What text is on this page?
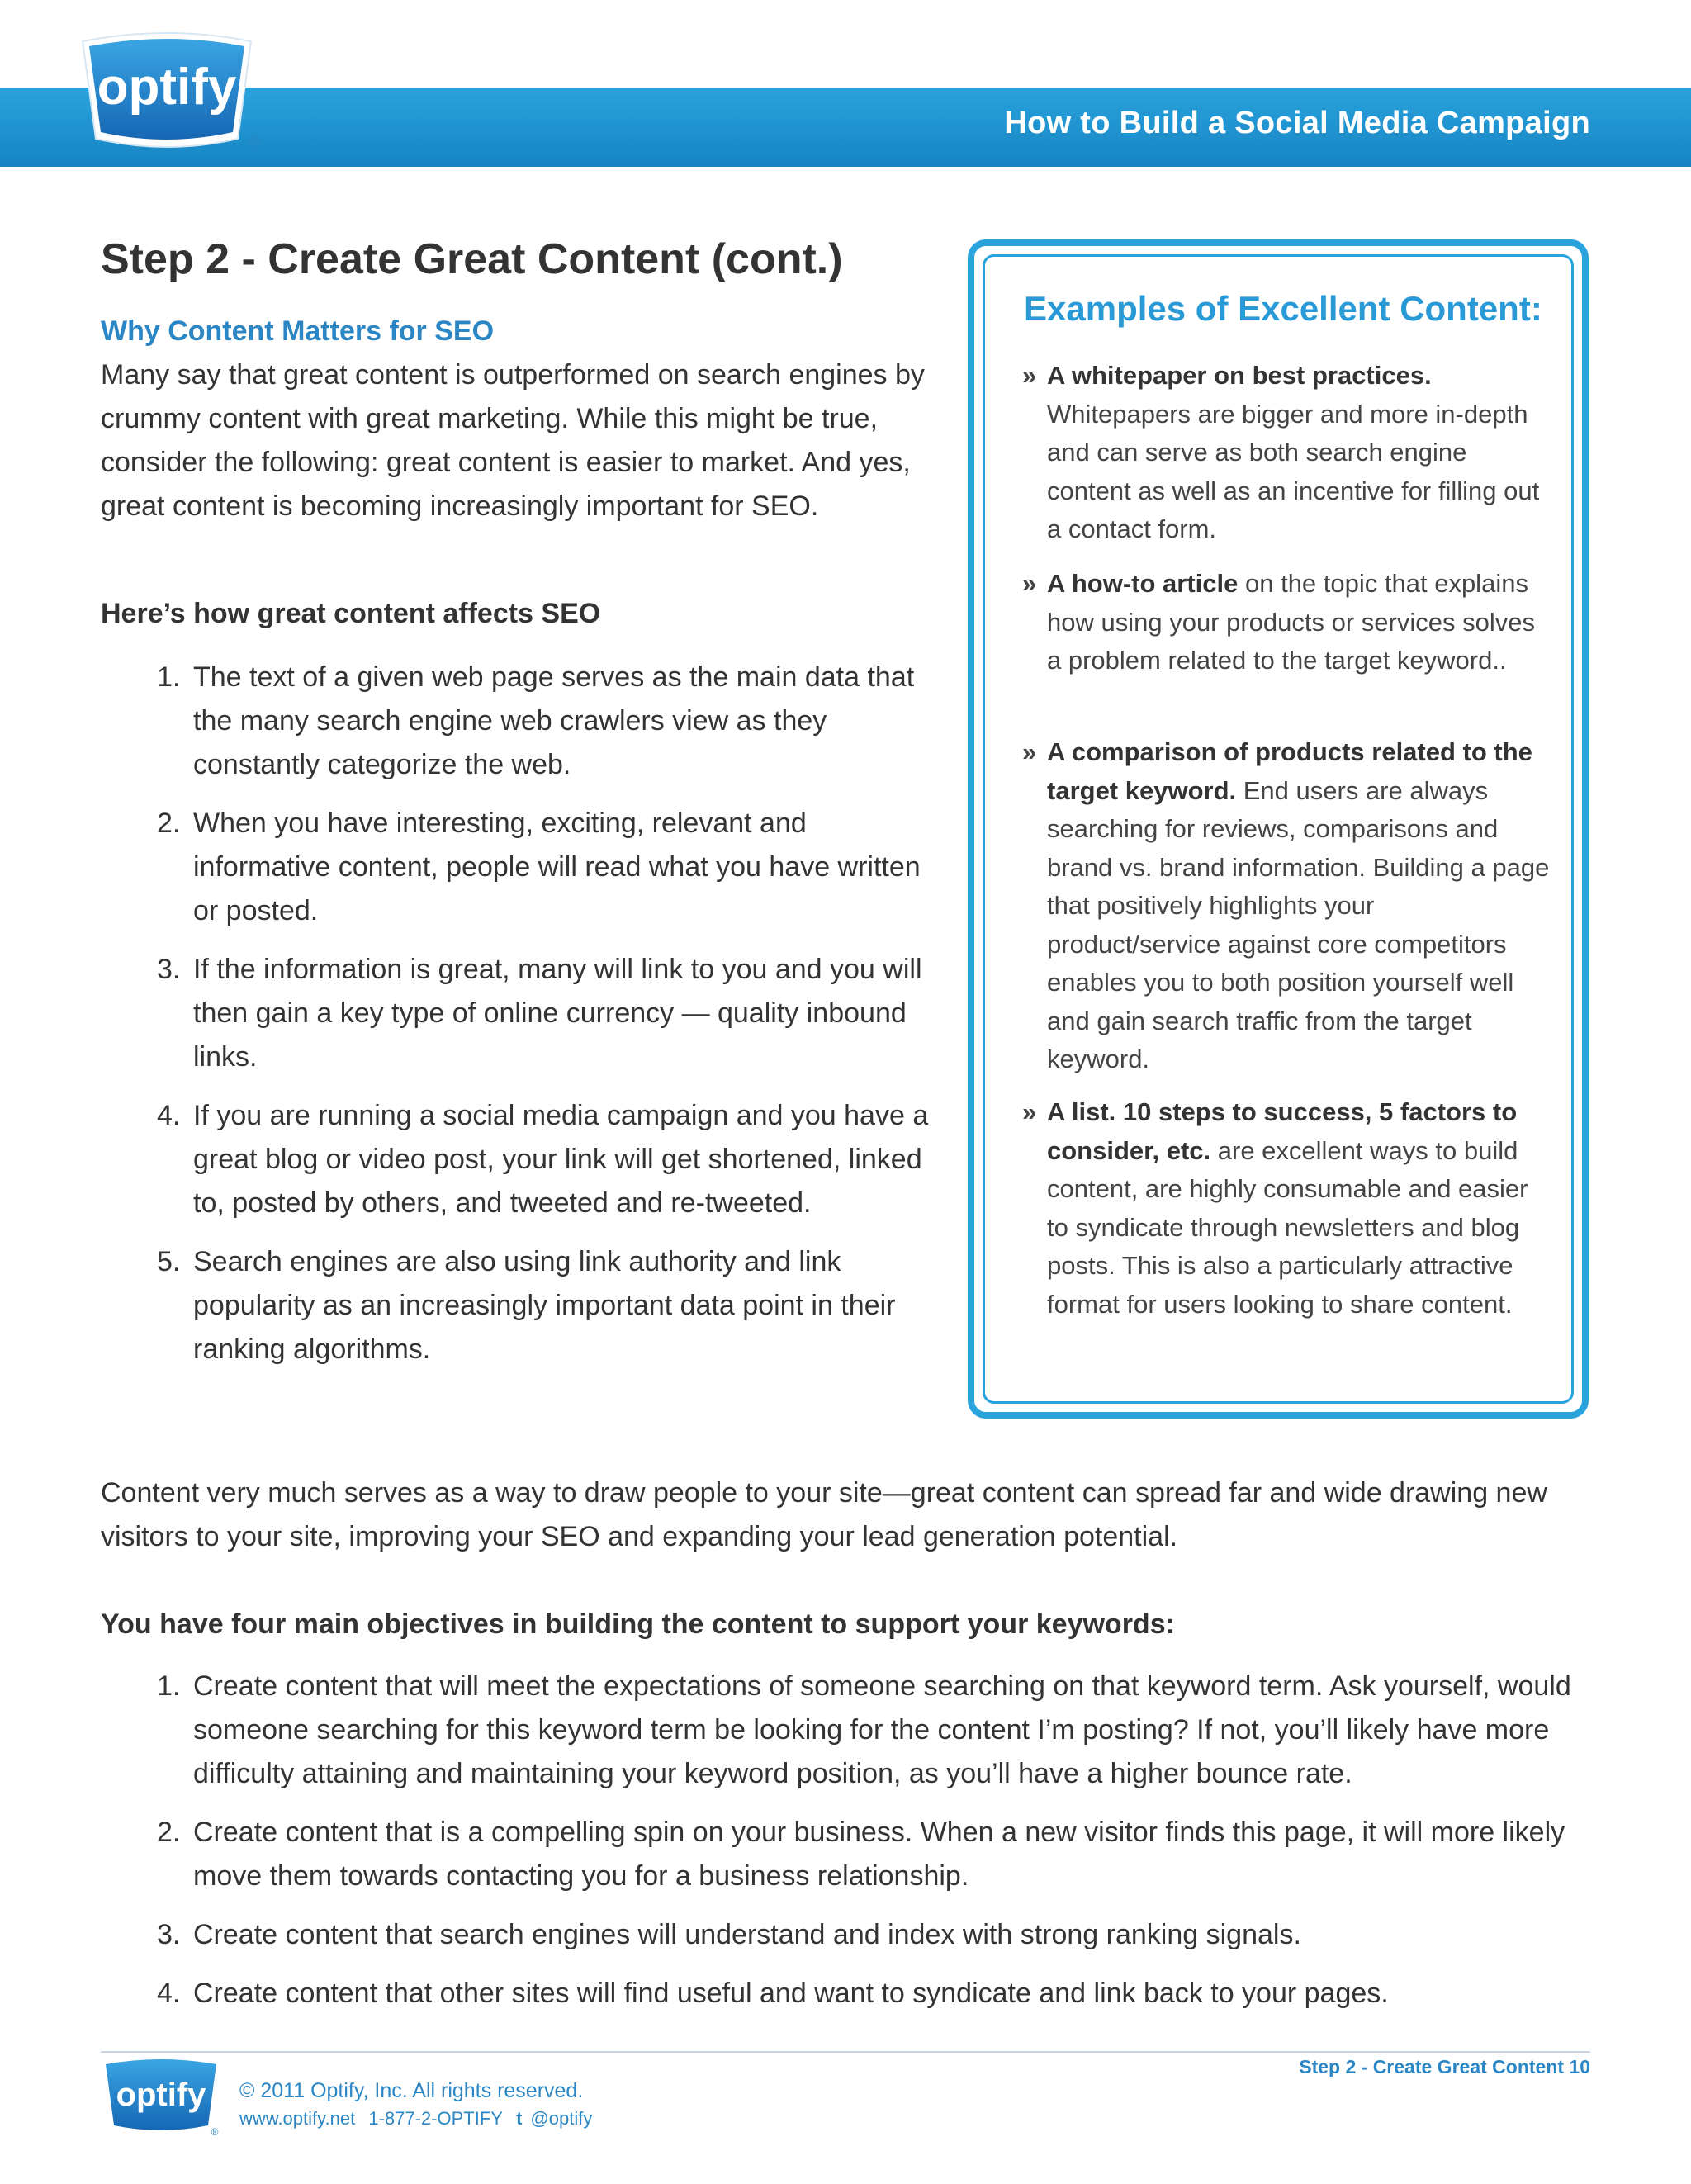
How to Build a Social Media Campaign
optify
®
Step 2 - Create Great Content (cont.)
Why Content Matters for SEO
Many say that great content is outperformed on search engines by crummy content with great marketing. While this might be true, consider the following: great content is easier to market. And yes, great content is becoming increasingly important for SEO.
Here’s how great content affects SEO
1. The text of a given web page serves as the main data that the many search engine web crawlers view as they constantly categorize the web.
2. When you have interesting, exciting, relevant and informative content, people will read what you have written or posted.
3. If the information is great, many will link to you and you will then gain a key type of online currency — quality inbound links.
4. If you are running a social media campaign and you have a great blog or video post, your link will get shortened, linked to, posted by others, and tweeted and re-tweeted.
5. Search engines are also using link authority and link popularity as an increasingly important data point in their ranking algorithms.
Examples of Excellent Content:
» A whitepaper on best practices. Whitepapers are bigger and more in-depth and can serve as both search engine content as well as an incentive for filling out a contact form.
» A how-to article on the topic that explains how using your products or services solves a problem related to the target keyword..
» A comparison of products related to the target keyword. End users are always searching for reviews, comparisons and brand vs. brand information. Building a page that positively highlights your product/service against core competitors enables you to both position yourself well and gain search traffic from the target keyword.
» A list. 10 steps to success, 5 factors to consider, etc. are excellent ways to build content, are highly consumable and easier to syndicate through newsletters and blog posts. This is also a particularly attractive format for users looking to share content.
Content very much serves as a way to draw people to your site—great content can spread far and wide drawing new visitors to your site, improving your SEO and expanding your lead generation potential.
You have four main objectives in building the content to support your keywords:
1. Create content that will meet the expectations of someone searching on that keyword term. Ask yourself, would someone searching for this keyword term be looking for the content I’m posting? If not, you’ll likely have more difficulty attaining and maintaining your keyword position, as you’ll have a higher bounce rate.
2. Create content that is a compelling spin on your business. When a new visitor finds this page, it will more likely move them towards contacting you for a business relationship.
3. Create content that search engines will understand and index with strong ranking signals.
4. Create content that other sites will find useful and want to syndicate and link back to your pages.
Step 2 - Create Great Content 10
optify
®
© 2011 Optify, Inc. All rights reserved.
www.optify.net 1-877-2-OPTIFY t @optify
